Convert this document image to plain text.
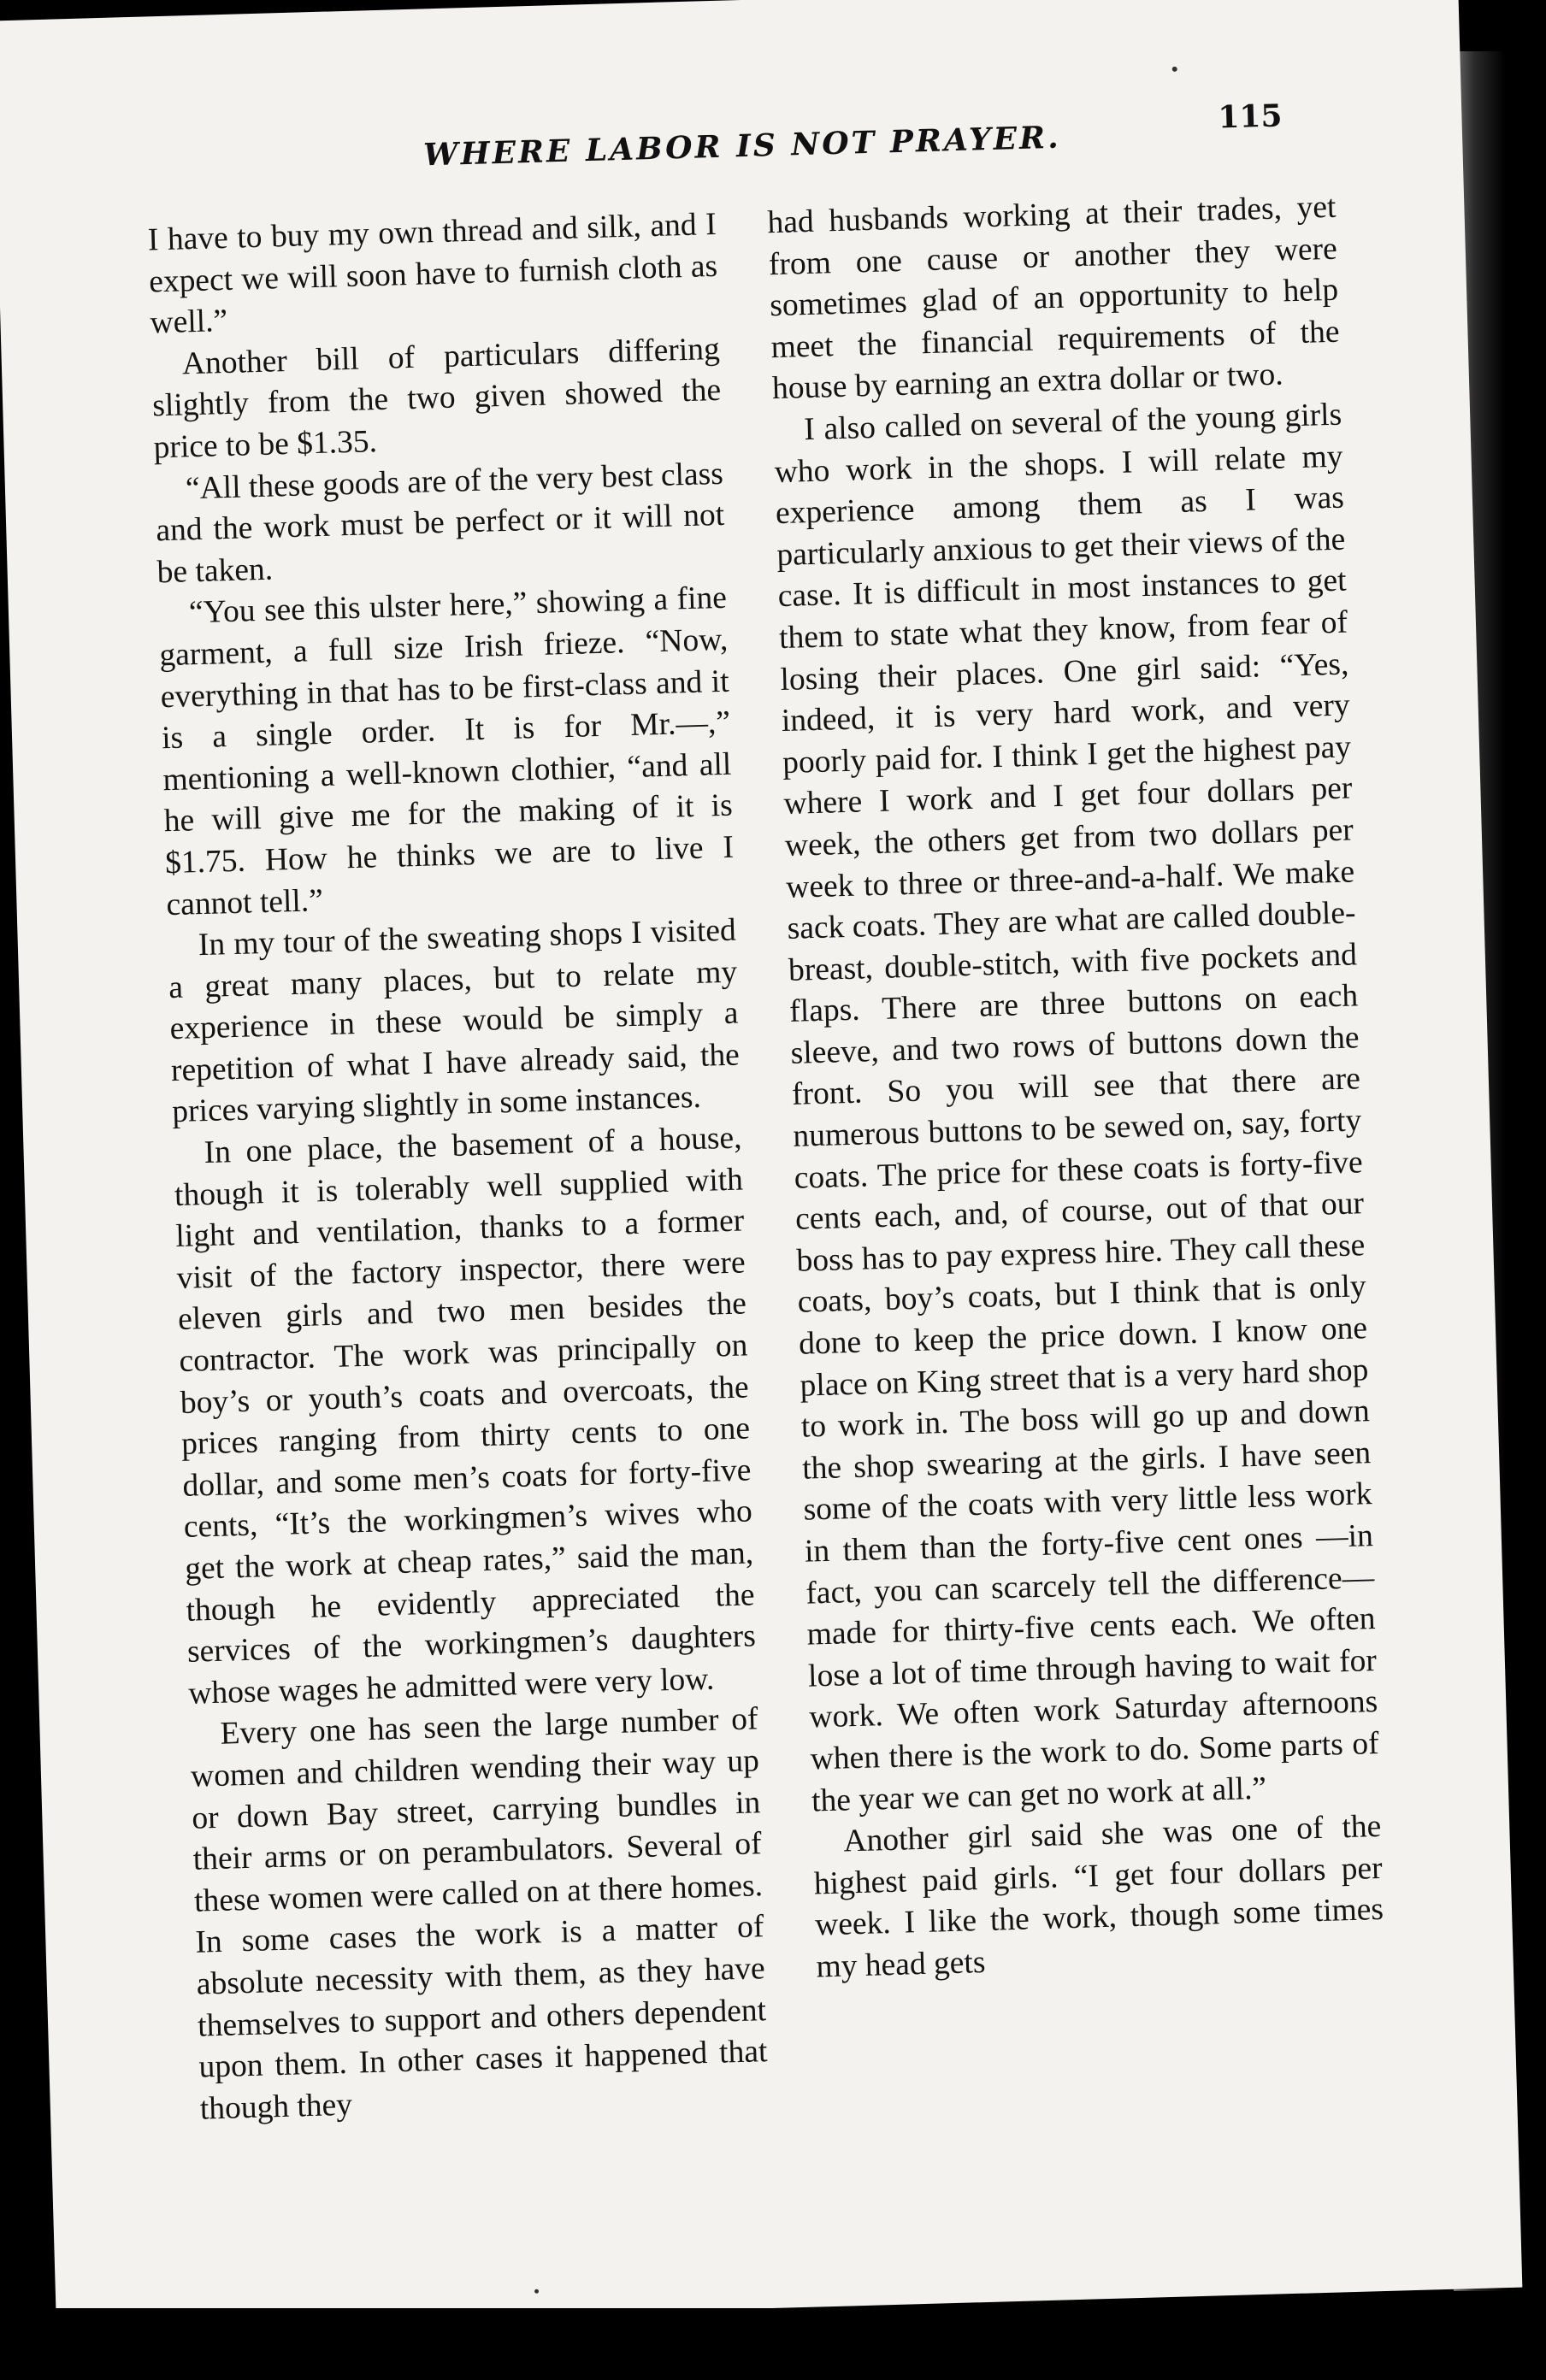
WHERE LABOR IS NOT PRAYER.
115

I have to buy my own thread and silk, and I expect we will soon have to furnish cloth as well.”

Another bill of particulars differing slightly from the two given showed the price to be $1.35.

“All these goods are of the very best class and the work must be perfect or it will not be taken.

“You see this ulster here,” showing a fine garment, a full size Irish frieze. “Now, everything in that has to be first-class and it is a single order. It is for Mr.—,” mentioning a well-known clothier, “and all he will give me for the making of it is $1.75. How he thinks we are to live I cannot tell.”

In my tour of the sweating shops I visited a great many places, but to relate my experience in these would be simply a repetition of what I have already said, the prices varying slightly in some instances.

In one place, the basement of a house, though it is tolerably well supplied with light and ventilation, thanks to a former visit of the factory inspector, there were eleven girls and two men besides the contractor. The work was principally on boy’s or youth’s coats and overcoats, the prices ranging from thirty cents to one dollar, and some men’s coats for forty-five cents, “It’s the workingmen’s wives who get the work at cheap rates,” said the man, though he evidently appreciated the services of the workingmen’s daughters whose wages he admitted were very low.

Every one has seen the large number of women and children wending their way up or down Bay street, carrying bundles in their arms or on perambulators. Several of these women were called on at there homes. In some cases the work is a matter of absolute necessity with them, as they have themselves to support and others dependent upon them. In other cases it happened that though they

had husbands working at their trades, yet from one cause or another they were sometimes glad of an opportunity to help meet the financial requirements of the house by earning an extra dollar or two.

I also called on several of the young girls who work in the shops. I will relate my experience among them as I was particularly anxious to get their views of the case. It is difficult in most instances to get them to state what they know, from fear of losing their places. One girl said: “Yes, indeed, it is very hard work, and very poorly paid for. I think I get the highest pay where I work and I get four dollars per week, the others get from two dollars per week to three or three-and-a-half. We make sack coats. They are what are called double-breast, double-stitch, with five pockets and flaps. There are three buttons on each sleeve, and two rows of buttons down the front. So you will see that there are numerous buttons to be sewed on, say, forty coats. The price for these coats is forty-five cents each, and, of course, out of that our boss has to pay express hire. They call these coats, boy’s coats, but I think that is only done to keep the price down. I know one place on King street that is a very hard shop to work in. The boss will go up and down the shop swearing at the girls. I have seen some of the coats with very little less work in them than the forty-five cent ones —in fact, you can scarcely tell the difference—made for thirty-five cents each. We often lose a lot of time through having to wait for work. We often work Saturday afternoons when there is the work to do. Some parts of the year we can get no work at all.”

Another girl said she was one of the highest paid girls. “I get four dollars per week. I like the work, though some times my head gets
